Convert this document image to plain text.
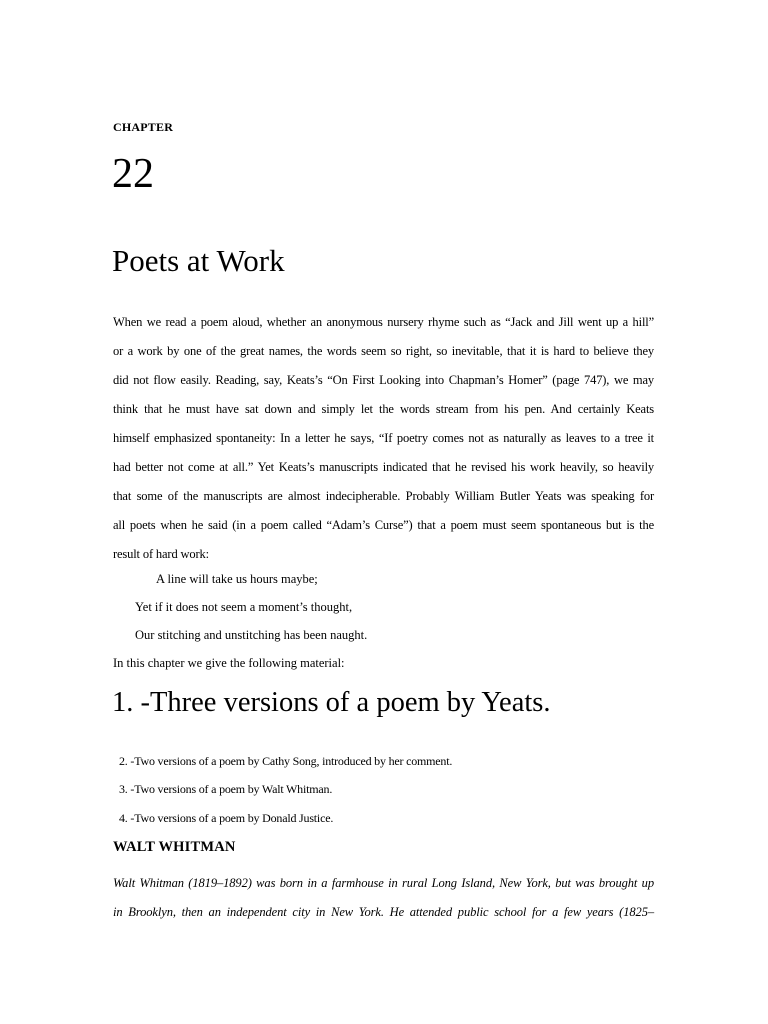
CHAPTER
22
Poets at Work
When we read a poem aloud, whether an anonymous nursery rhyme such as “Jack and Jill went up a hill”
or a work by one of the great names, the words seem so right, so inevitable, that it is hard to believe they
did not flow easily. Reading, say, Keats’s “On First Looking into Chapman’s Homer” (page 747), we may
think that he must have sat down and simply let the words stream from his pen. And certainly Keats
himself emphasized spontaneity: In a letter he says, “If poetry comes not as naturally as leaves to a tree it
had better not come at all.” Yet Keats’s manuscripts indicated that he revised his work heavily, so heavily
that some of the manuscripts are almost indecipherable. Probably William Butler Yeats was speaking for
all poets when he said (in a poem called “Adam’s Curse”) that a poem must seem spontaneous but is the
result of hard work:
A line will take us hours maybe;
Yet if it does not seem a moment’s thought,
Our stitching and unstitching has been naught.
In this chapter we give the following material:
1. -Three versions of a poem by Yeats.
2. -Two versions of a poem by Cathy Song, introduced by her comment.
3. -Two versions of a poem by Walt Whitman.
4. -Two versions of a poem by Donald Justice.
WALT WHITMAN
Walt Whitman (1819–1892) was born in a farmhouse in rural Long Island, New York, but was brought up
in Brooklyn, then an independent city in New York. He attended public school for a few years (1825–
